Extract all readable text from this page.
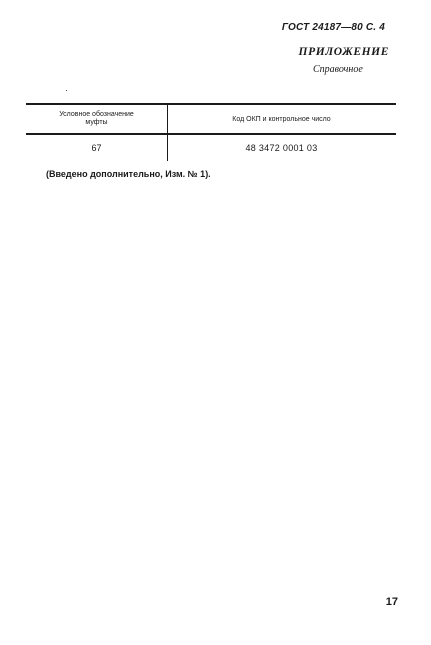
ГОСТ 24187—80 С. 4
ПРИЛОЖЕНИЕ
Справочное
Условное обозначение
муфты	Код ОКП и контрольное число
67	48 3472 0001 03
(Введено дополнительно, Изм. № 1).
17
